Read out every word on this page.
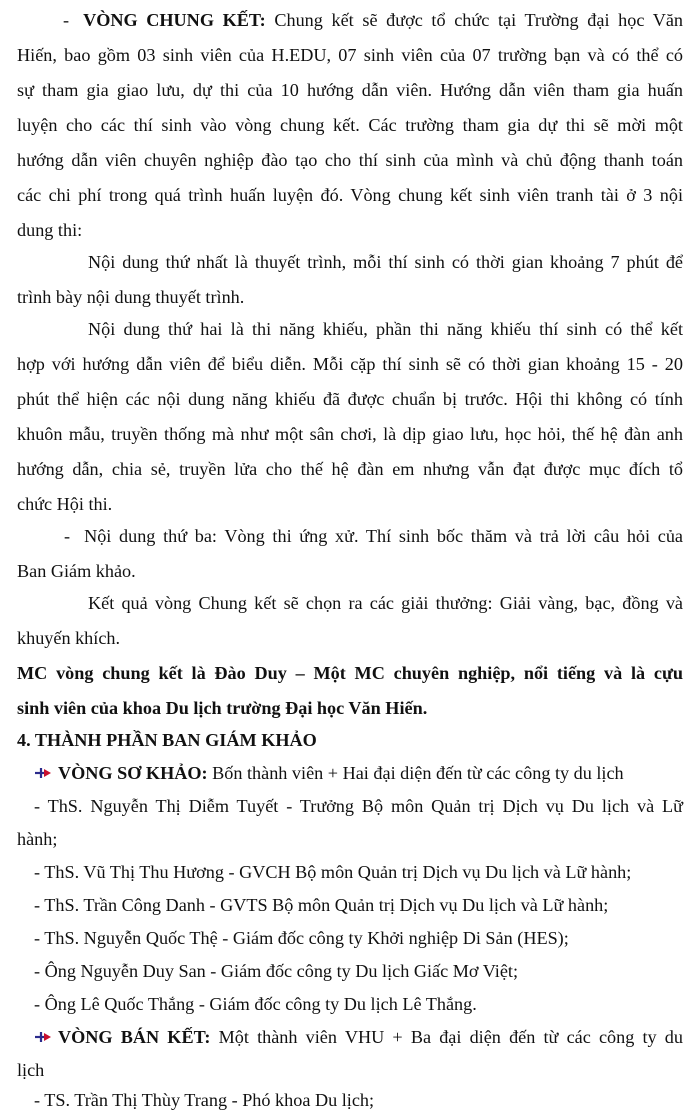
- VÒNG CHUNG KẾT: Chung kết sẽ được tổ chức tại Trường đại học Văn
Hiến, bao gồm 03 sinh viên của H.EDU, 07 sinh viên của 07 trường bạn và có thể có
sự tham gia giao lưu, dự thi của 10 hướng dẫn viên. Hướng dẫn viên tham gia huấn
luyện cho các thí sinh vào vòng chung kết. Các trường tham gia dự thi sẽ mời một
hướng dẫn viên chuyên nghiệp đào tạo cho thí sinh của mình và chủ động thanh toán
các chi phí trong quá trình huấn luyện đó. Vòng chung kết sinh viên tranh tài ở 3 nội
dung thi:
Nội dung thứ nhất là thuyết trình, mỗi thí sinh có thời gian khoảng 7 phút để
trình bày nội dung thuyết trình.
Nội dung thứ hai là thi năng khiếu, phần thi năng khiếu thí sinh có thể kết
hợp với hướng dẫn viên để biểu diễn. Mỗi cặp thí sinh sẽ có thời gian khoảng 15 - 20
phút thể hiện các nội dung năng khiếu đã được chuẩn bị trước. Hội thi không có tính
khuôn mẫu, truyền thống mà như một sân chơi, là dịp giao lưu, học hỏi, thế hệ đàn anh
hướng dẫn, chia sẻ, truyền lửa cho thế hệ đàn em nhưng vẫn đạt được mục đích tổ
chức Hội thi.
- Nội dung thứ ba: Vòng thi ứng xử. Thí sinh bốc thăm và trả lời câu hỏi của
Ban Giám khảo.
Kết quả vòng Chung kết sẽ chọn ra các giải thưởng: Giải vàng, bạc, đồng và
khuyến khích.
MC vòng chung kết là Đào Duy – Một MC chuyên nghiệp, nổi tiếng và là cựu
sinh viên của khoa Du lịch trường Đại học Văn Hiến.
4. THÀNH PHẦN BAN GIÁM KHẢO
VÒNG SƠ KHẢO: Bốn thành viên + Hai đại diện đến từ các công ty du lịch
- ThS. Nguyễn Thị Diễm Tuyết - Trưởng Bộ môn Quản trị Dịch vụ Du lịch và Lữ
hành;
- ThS. Vũ Thị Thu Hương - GVCH Bộ môn Quản trị Dịch vụ Du lịch và Lữ hành;
- ThS. Trần Công Danh - GVTS Bộ môn Quản trị Dịch vụ Du lịch và Lữ hành;
- ThS. Nguyễn Quốc Thệ - Giám đốc công ty Khởi nghiệp Di Sản (HES);
- Ông Nguyễn Duy San - Giám đốc công ty Du lịch Giấc Mơ Việt;
- Ông Lê Quốc Thắng - Giám đốc công ty Du lịch Lê Thắng.
VÒNG BÁN KẾT: Một thành viên VHU + Ba đại diện đến từ các công ty du
lịch
- TS. Trần Thị Thùy Trang - Phó khoa Du lịch;
